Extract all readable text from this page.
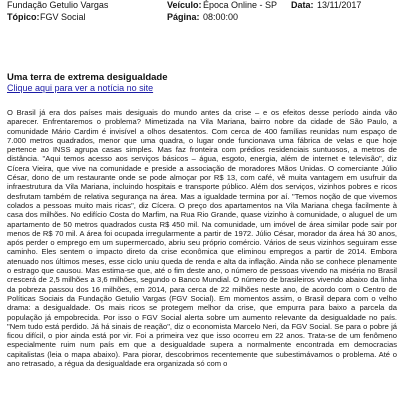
Fundação Getulio Vargas	Veículo: Época Online - SP Data: 13/11/2017
Tópico: FGV Social	Página: 08:00:00
Uma terra de extrema desigualdade
Clique aqui para ver a notícia no site

O Brasil já era dos países mais desiguais do mundo antes da crise – e os efeitos desse período ainda vão aparecer. Enfrentaremos o problema? Mimetizada na Vila Mariana, bairro nobre da cidade de São Paulo, a comunidade Mário Cardim é invisível a olhos desatentos. Com cerca de 400 famílias reunidas num espaço de 7.000 metros quadrados, menor que uma quadra, o lugar onde funcionava uma fábrica de velas e que hoje pertence ao INSS agrupa casas simples. Mas faz fronteira com prédios residenciais suntuosos, a metros de distância. "Aqui temos acesso aos serviços básicos – água, esgoto, energia, além de internet e televisão", diz Cícera Vieira, que vive na comunidade e preside a associação de moradores Mãos Unidas. O comerciante Júlio César, dono de um restaurante onde se pode almoçar por R$ 13, com café, vê muita vantagem em usufruir da infraestrutura da Vila Mariana, incluindo hospitais e transporte público. Além dos serviços, vizinhos pobres e ricos desfrutam também de relativa segurança na área. Mas a igualdade termina por aí. "Temos noção de que vivemos colados a pessoas muito mais ricas", diz Cícera. O preço dos apartamentos na Vila Mariana chega facilmente à casa dos milhões. No edifício Costa do Marfim, na Rua Rio Grande, quase vizinho à comunidade, o aluguel de um apartamento de 50 metros quadrados custa R$ 450 mil. Na comunidade, um imóvel de área similar pode sair por menos de R$ 70 mil. A área foi ocupada irregularmente a partir de 1972. Júlio César, morador da área há 30 anos, após perder o emprego em um supermercado, abriu seu próprio comércio. Vários de seus vizinhos seguiram esse caminho. Eles sentem o impacto direto da crise econômica que eliminou empregos a partir de 2014. Embora atenuado nos últimos meses, esse ciclo uniu queda de renda e alta da inflação. Ainda não se conhece plenamente o estrago que causou. Mas estima-se que, até o fim deste ano, o número de pessoas vivendo na miséria no Brasil crescerá de 2,5 milhões a 3,6 milhões, segundo o Banco Mundial. O número de brasileiros vivendo abaixo da linha da pobreza passou dos 16 milhões, em 2014, para cerca de 22 milhões neste ano, de acordo com o Centro de Políticas Sociais da Fundação Getulio Vargas (FGV Social). Em momentos assim, o Brasil depara com o velho drama: a desigualdade. Os mais ricos se protegem melhor da crise, que empurra para baixo a parcela da população já empobrecida. Por isso o FGV Social alerta sobre um aumento relevante da desigualdade no país. "Nem tudo está perdido. Já há sinais de reação", diz o economista Marcelo Neri, da FGV Social. Se para o pobre já ficou difícil, o pior ainda está por vir. Foi a primeira vez que isso ocorreu em 22 anos. Trata-se de um fenômeno especialmente ruim num país em que a desigualdade supera a normalmente encontrada em democracias capitalistas (leia o mapa abaixo). Para piorar, descobrimos recentemente que subestimávamos o problema. Até o ano retrasado, a régua da desigualdade era organizada só com o
